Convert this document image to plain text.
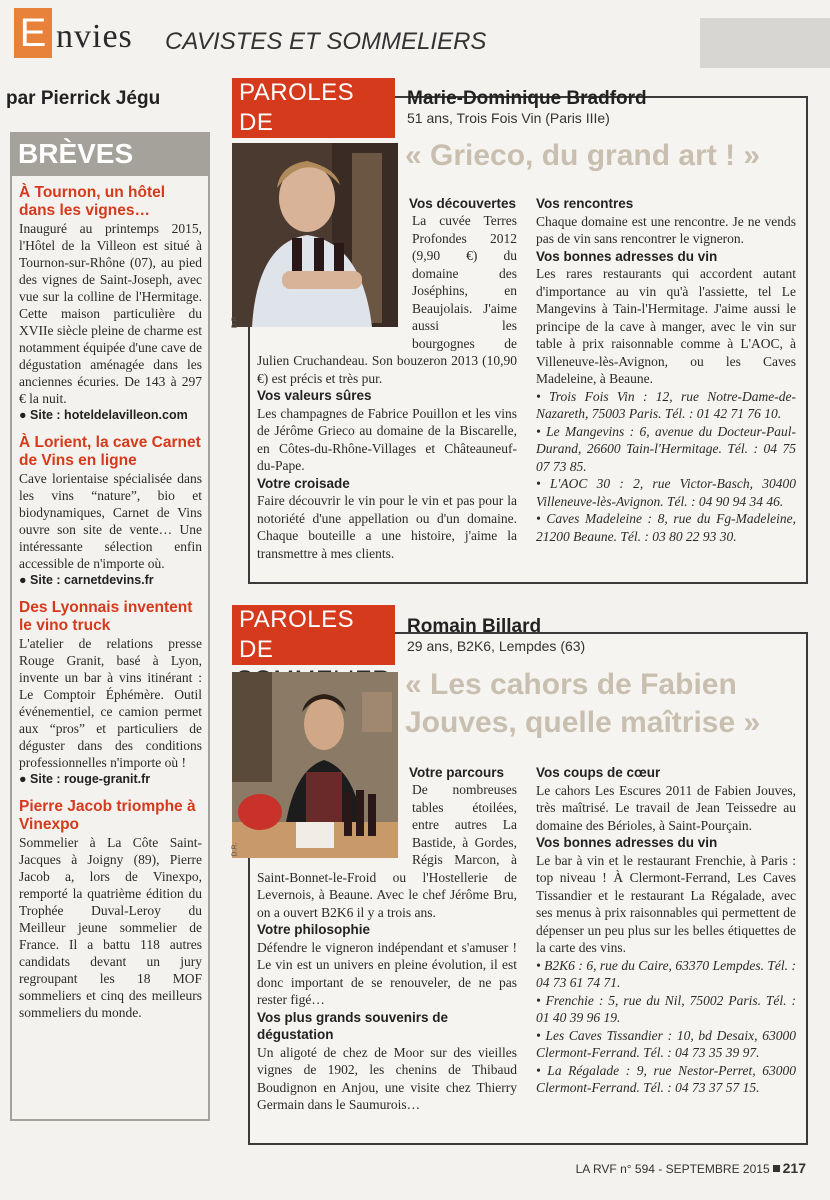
E nvies CAVISTES ET SOMMELIERS
par Pierrick Jégu
BRÈVES
À Tournon, un hôtel dans les vignes…

Inauguré au printemps 2015, l'Hôtel de la Villeon est situé à Tournon-sur-Rhône (07), au pied des vignes de Saint-Joseph, avec vue sur la colline de l'Hermitage. Cette maison particulière du XVIIe siècle pleine de charme est notamment équipée d'une cave de dégustation aménagée dans les anciennes écuries. De 143 à 297 € la nuit.

● Site : hoteldelavilleon.com
À Lorient, la cave Carnet de Vins en ligne

Cave lorientaise spécialisée dans les vins “nature”, bio et biodynamiques, Carnet de Vins ouvre son site de vente… Une intéressante sélection enfin accessible de n'importe où.

● Site : carnetdevins.fr
Des Lyonnais inventent le vino truck

L'atelier de relations presse Rouge Granit, basé à Lyon, invente un bar à vins itinérant : Le Comptoir Éphémère. Outil événementiel, ce camion permet aux “pros” et particuliers de déguster dans des conditions professionnelles n'importe où !

● Site : rouge-granit.fr
Pierre Jacob triomphe à Vinexpo

Sommelier à La Côte Saint-Jacques à Joigny (89), Pierre Jacob a, lors de Vinexpo, remporté la quatrième édition du Trophée Duval-Leroy du Meilleur jeune sommelier de France. Il a battu 118 autres candidats devant un jury regroupant les 18 MOF sommeliers et cinq des meilleurs sommeliers du monde.

PAROLES DE
Marie-Dominique Bradford
51 ans, Trois Fois Vin (Paris IIIe)
« Grieco, du grand art ! »
D.R.
Vos découvertes

La cuvée Terres Profondes 2012 (9,90 €) du domaine des Joséphins, en Beaujolais. J'aime aussi les bourgognes de Julien Cruchandeau. Son bouzeron 2013 (10,90 €) est précis et très pur.

Vos valeurs sûres

Les champagnes de Fabrice Pouillon et les vins de Jérôme Grieco au domaine de la Biscarelle, en Côtes-du-Rhône-Villages et Châteauneuf-du-Pape.

Votre croisade

Faire découvrir le vin pour le vin et pas pour la notoriété d'une appellation ou d'un domaine. Chaque bouteille a une histoire, j'aime la transmettre à mes clients.

Vos rencontres

Chaque domaine est une rencontre. Je ne vends pas de vin sans rencontrer le vigneron.

Vos bonnes adresses du vin

Les rares restaurants qui accordent autant d'importance au vin qu'à l'assiette, tel Le Mangevins à Tain-l'Hermitage. J'aime aussi le principe de la cave à manger, avec le vin sur table à prix raisonnable comme à L'AOC, à Villeneuve-lès-Avignon, ou les Caves Madeleine, à Beaune.

• Trois Fois Vin : 12, rue Notre-Dame-de-Nazareth, 75003 Paris. Tél. : 01 42 71 76 10.

• Le Mangevins : 6, avenue du Docteur-Paul-Durand, 26600 Tain-l'Hermitage. Tél. : 04 75 07 73 85.

• L'AOC 30 : 2, rue Victor-Basch, 30400 Villeneuve-lès-Avignon. Tél. : 04 90 94 34 46.

• Caves Madeleine : 8, rue du Fg-Madeleine, 21200 Beaune. Tél. : 03 80 22 93 30.

PAROLES DE
Romain Billard
29 ans, B2K6, Lempdes (63)
« Les cahors de Fabien Jouves, quelle maîtrise »
D.R.
Votre parcours

De nombreuses tables étoilées, entre autres La Bastide, à Gordes, Régis Marcon, à Saint-Bonnet-le-Froid ou l'Hostellerie de Levernois, à Beaune. Avec le chef Jérôme Bru, on a ouvert B2K6 il y a trois ans.

Votre philosophie

Défendre le vigneron indépendant et s'amuser ! Le vin est un univers en pleine évolution, il est donc important de se renouveler, de ne pas rester figé…

Vos plus grands souvenirs de dégustation

Un aligoté de chez de Moor sur des vieilles vignes de 1902, les chenins de Thibaud Boudignon en Anjou, une visite chez Thierry Germain dans le Saumurois…

Vos coups de cœur

Le cahors Les Escures 2011 de Fabien Jouves, très maîtrisé. Le travail de Jean Teissedre au domaine des Bérioles, à Saint-Pourçain.

Vos bonnes adresses du vin

Le bar à vin et le restaurant Frenchie, à Paris : top niveau ! À Clermont-Ferrand, Les Caves Tissandier et le restaurant La Régalade, avec ses menus à prix raisonnables qui permettent de dépenser un peu plus sur les belles étiquettes de la carte des vins.

• B2K6 : 6, rue du Caire, 63370 Lempdes. Tél. : 04 73 61 74 71.

• Frenchie : 5, rue du Nil, 75002 Paris. Tél. : 01 40 39 96 19.

• Les Caves Tissandier : 10, bd Desaix, 63000 Clermont-Ferrand. Tél. : 04 73 35 39 97.

• La Régalade : 9, rue Nestor-Perret, 63000 Clermont-Ferrand. Tél. : 04 73 37 57 15.

LA RVF n° 594 - SEPTEMBRE 2015 217
